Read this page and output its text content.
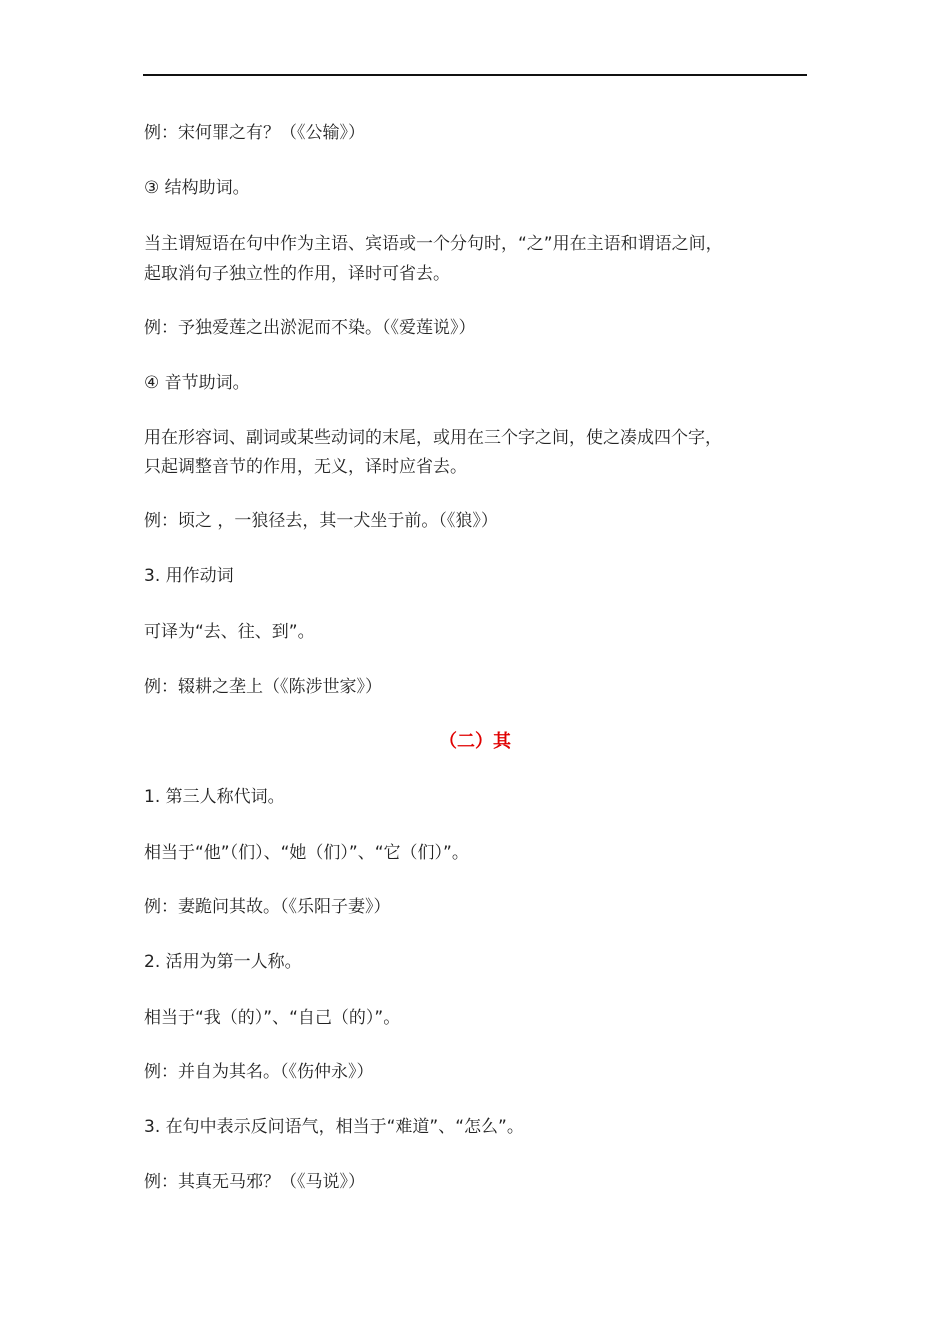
例：宋何罪之有？（《公输》）
③ 结构助词。
当主谓短语在句中作为主语、宾语或一个分句时，“之”用在主语和谓语之间，
起取消句子独立性的作用，译时可省去。
例：予独爱莲之出淤泥而不染。（《爱莲说》）
④ 音节助词。
用在形容词、副词或某些动词的末尾，或用在三个字之间，使之凑成四个字，
只起调整音节的作用，无义，译时应省去。
例：顷之 ，一狼径去，其一犬坐于前。（《狼》）
3. 用作动词
可译为“去、往、到”。
例：辍耕之垄上（《陈涉世家》）
（二）其
1. 第三人称代词。
相当于“他”（们）、“她（们）”、“它（们）”。
例：妻跪问其故。（《乐阳子妻》）
2. 活用为第一人称。
相当于“我（的）”、“自己（的）”。
例：并自为其名。（《伤仲永》）
3. 在句中表示反问语气，相当于“难道”、“怎么”。
例：其真无马邪？（《马说》）
